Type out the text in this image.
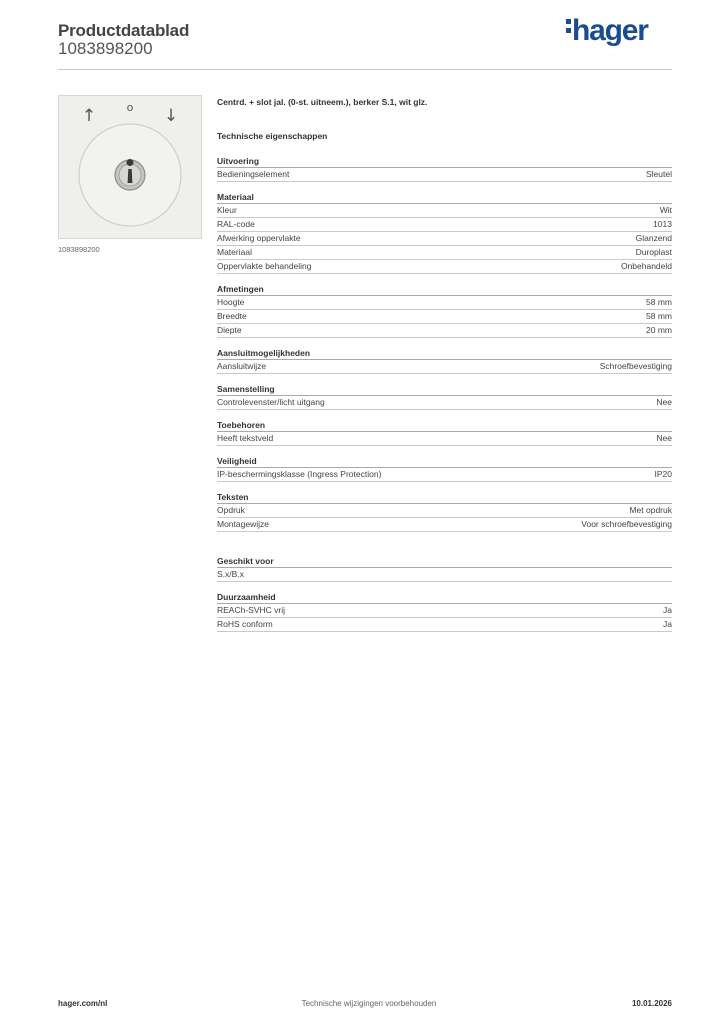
Productdatablad
1083898200
hager
↑	o ↓
1083898200
Centrd. + slot jal. (0-st. uitneem.), berker S.1, wit glz.
Technische eigenschappen
Uitvoering
Bedieningselement	Sleutel
Materiaal
Kleur	Wit
RAL-code	1013
Afwerking oppervlakte	Glanzend
Materiaal	Duroplast
Oppervlakte behandeling	Onbehandeld
Afmetingen
Hoogte	58 mm
Breedte	58 mm
Diepte	20 mm
Aansluitmogelijkheden
Aansluitwijze	Schroefbevestiging
Samenstelling
Controlevenster/licht uitgang	Nee
Toebehoren
Heeft tekstveld	Nee
Veiligheid
IP-beschermingsklasse (Ingress Protection)	IP20
Teksten
Opdruk	Met opdruk
Montagewijze	Voor schroefbevestiging
Geschikt voor
S.x/B.x
Duurzaamheid
REACh-SVHC vrij	Ja
RoHS conform	Ja
hager.com/nl	Technische wijzigingen voorbehouden	10.01.2026
